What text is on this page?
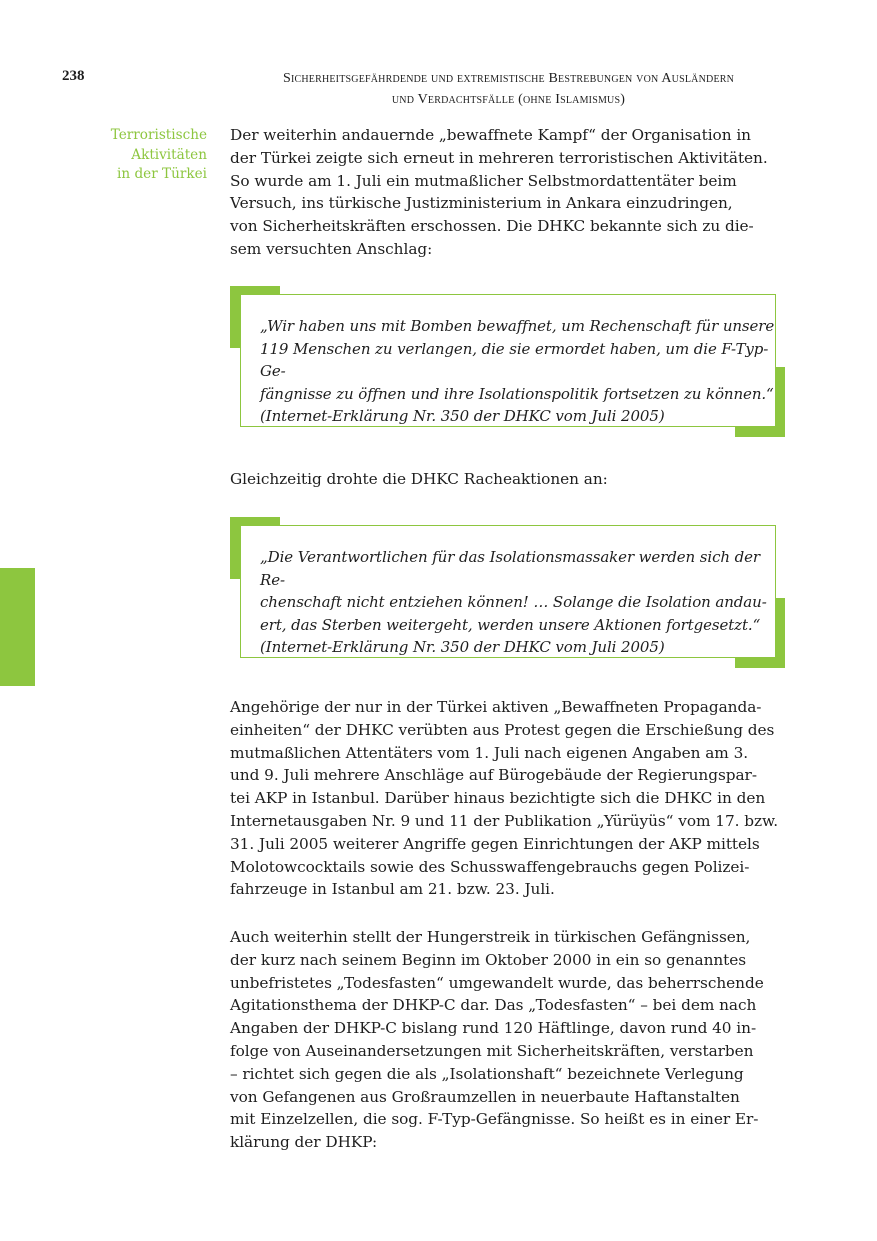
238	Sicherheitsgefährdende und extremistische Bestrebungen von Ausländern
und Verdachtsfälle (ohne Islamismus)
Terroristische
Aktivitäten
in der Türkei

Der weiterhin andauernde „bewaffnete Kampf“ der Organisation in
der Türkei zeigte sich erneut in mehreren terroristischen Aktivitäten.
So wurde am 1. Juli ein mutmaßlicher Selbstmordattentäter beim
Versuch, ins türkische Justizministerium in Ankara einzudringen,
von Sicherheitskräften erschossen. Die DHKC bekannte sich zu die-
sem versuchten Anschlag:

„Wir haben uns mit Bomben bewaffnet, um Rechenschaft für unsere
119 Menschen zu verlangen, die sie ermordet haben, um die F-Typ-Ge-
fängnisse zu öffnen und ihre Isolationspolitik fortsetzen zu können.“
(Internet-Erklärung Nr. 350 der DHKC vom Juli 2005)

Gleichzeitig drohte die DHKC Racheaktionen an:

„Die Verantwortlichen für das Isolationsmassaker werden sich der Re-
chenschaft nicht entziehen können! … Solange die Isolation andau-
ert, das Sterben weitergeht, werden unsere Aktionen fortgesetzt.“
(Internet-Erklärung Nr. 350 der DHKC vom Juli 2005)

Angehörige der nur in der Türkei aktiven „Bewaffneten Propaganda-
einheiten“ der DHKC verübten aus Protest gegen die Erschießung des
mutmaßlichen Attentäters vom 1. Juli nach eigenen Angaben am 3.
und 9. Juli mehrere Anschläge auf Bürogebäude der Regierungspar-
tei AKP in Istanbul. Darüber hinaus bezichtigte sich die DHKC in den
Internetausgaben Nr. 9 und 11 der Publikation „Yürüyüs“ vom 17. bzw.
31. Juli 2005 weiterer Angriffe gegen Einrichtungen der AKP mittels
Molotowcocktails sowie des Schusswaffengebrauchs gegen Polizei-
fahrzeuge in Istanbul am 21. bzw. 23. Juli.

Auch weiterhin stellt der Hungerstreik in türkischen Gefängnissen,
der kurz nach seinem Beginn im Oktober 2000 in ein so genanntes
unbefristetes „Todesfasten“ umgewandelt wurde, das beherrschende
Agitationsthema der DHKP-C dar. Das „Todesfasten“ – bei dem nach
Angaben der DHKP-C bislang rund 120 Häftlinge, davon rund 40 in-
folge von Auseinandersetzungen mit Sicherheitskräften, verstarben
– richtet sich gegen die als „Isolationshaft“ bezeichnete Verlegung
von Gefangenen aus Großraumzellen in neuerbaute Haftanstalten
mit Einzelzellen, die sog. F-Typ-Gefängnisse. So heißt es in einer Er-
klärung der DHKP:
